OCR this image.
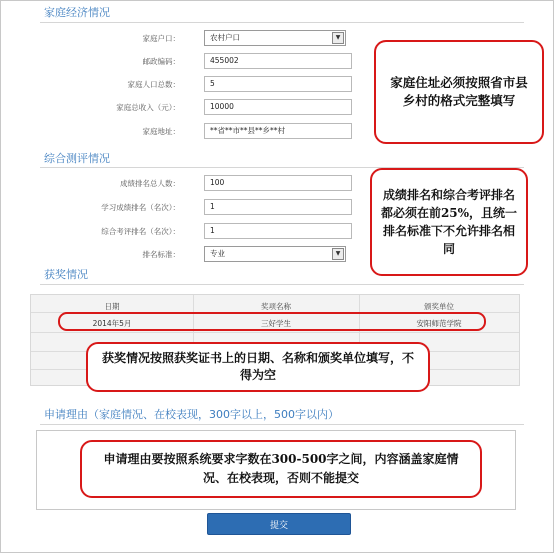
家庭经济情况
家庭户口：	农村户口	▼
邮政编码：	455002
家庭人口总数：	5
家庭总收入（元）：	10000
家庭地址：	**省**市**县**乡**村
家庭住址必须按照省市县乡村的格式完整填写
综合测评情况
成绩排名总人数：	100
学习成绩排名（名次）：	1
综合考评排名（名次）：	1
排名标准：	专业	▼
成绩排名和综合考评排名都必须在前25%，且统一排名标准下不允许排名相同
获奖情况
日期	奖项名称	颁奖单位
2014年5月	三好学生	安阳师范学院
获奖情况按照获奖证书上的日期、名称和颁奖单位填写，不得为空
申请理由（家庭情况、在校表现，300字以上，500字以内）
申请理由要按照系统要求字数在300-500字之间，内容涵盖家庭情况、在校表现，否则不能提交
提交
